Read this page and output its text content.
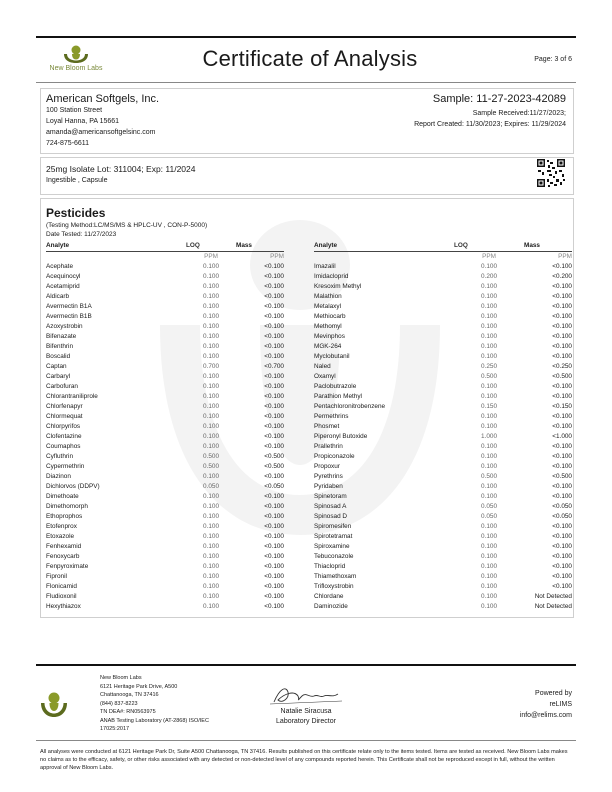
New Bloom Labs	Certificate of Analysis	Page: 3 of 6
American Softgels, Inc.
100 Station Street
Loyal Hanna, PA 15661
amanda@americansoftgelsinc.com
724-875-6611
Sample: 11-27-2023-42089
Sample Received:11/27/2023;
Report Created: 11/30/2023; Expires: 11/29/2024
25mg Isolate Lot: 311004; Exp: 11/2024
Ingestible , Capsule
Pesticides
(Testing Method:LC/MS/MS & HPLC-UV , CON-P-5000)
Date Tested: 11/27/2023
Analyte	LOQ	Mass
	PPM	PPM
Acephate	0.100	<0.100
Acequinocyl	0.100	<0.100
Acetamiprid	0.100	<0.100
Aldicarb	0.100	<0.100
Avermectin B1A	0.100	<0.100
Avermectin B1B	0.100	<0.100
Azoxystrobin	0.100	<0.100
Bifenazate	0.100	<0.100
Bifenthrin	0.100	<0.100
Boscalid	0.100	<0.100
Captan	0.700	<0.700
Carbaryl	0.100	<0.100
Carbofuran	0.100	<0.100
Chlorantraniliprole	0.100	<0.100
Chlorfenapyr	0.100	<0.100
Chlormequat	0.100	<0.100
Chlorpyrifos	0.100	<0.100
Clofentazine	0.100	<0.100
Coumaphos	0.100	<0.100
Cyfluthrin	0.500	<0.500
Cypermethrin	0.500	<0.500
Diazinon	0.100	<0.100
Dichlorvos (DDPV)	0.050	<0.050
Dimethoate	0.100	<0.100
Dimethomorph	0.100	<0.100
Ethoprophos	0.100	<0.100
Etofenprox	0.100	<0.100
Etoxazole	0.100	<0.100
Fenhexamid	0.100	<0.100
Fenoxycarb	0.100	<0.100
Fenpyroximate	0.100	<0.100
Fipronil	0.100	<0.100
Flonicamid	0.100	<0.100
Fludioxonil	0.100	<0.100
Hexythiazox	0.100	<0.100
Analyte	LOQ	Mass
	PPM	PPM
Imazalil	0.100	<0.100
Imidacloprid	0.200	<0.200
Kresoxim Methyl	0.100	<0.100
Malathion	0.100	<0.100
Metalaxyl	0.100	<0.100
Methiocarb	0.100	<0.100
Methomyl	0.100	<0.100
Mevinphos	0.100	<0.100
MGK-264	0.100	<0.100
Myclobutanil	0.100	<0.100
Naled	0.250	<0.250
Oxamyl	0.500	<0.500
Paclobutrazole	0.100	<0.100
Parathion Methyl	0.100	<0.100
Pentachloronitrobenzene	0.150	<0.150
Permethrins	0.100	<0.100
Phosmet	0.100	<0.100
Piperonyl Butoxide	1.000	<1.000
Prallethrin	0.100	<0.100
Propiconazole	0.100	<0.100
Propoxur	0.100	<0.100
Pyrethrins	0.500	<0.500
Pyridaben	0.100	<0.100
Spinetoram	0.100	<0.100
Spinosad A	0.050	<0.050
Spinosad D	0.050	<0.050
Spiromesifen	0.100	<0.100
Spirotetramat	0.100	<0.100
Spiroxamine	0.100	<0.100
Tebuconazole	0.100	<0.100
Thiacloprid	0.100	<0.100
Thiamethoxam	0.100	<0.100
Trifloxystrobin	0.100	<0.100
Chlordane	0.100	Not Detected
Daminozide	0.100	Not Detected
New Bloom Labs
6121 Heritage Park Drive, A500
Chattanooga, TN 37416
(844) 837-8223
TN DEA#: RN0563975
ANAB Testing Laboratory (AT-2868) ISO/IEC
17025:2017
Natalie Siracusa
Laboratory Director
Powered by
reLIMS
info@relims.com
All analyses were conducted at 6121 Heritage Park Dr, Suite A500 Chattanooga, TN 37416. Results published on this certificate relate only to the items tested. Items are tested as received. New Bloom Labs makes no claims as to the efficacy, safety, or other risks associated with any detected or non-detected level of any compounds reported herein. This Certificate shall not be reproduced except in full, without the written approval of New Bloom Labs.
